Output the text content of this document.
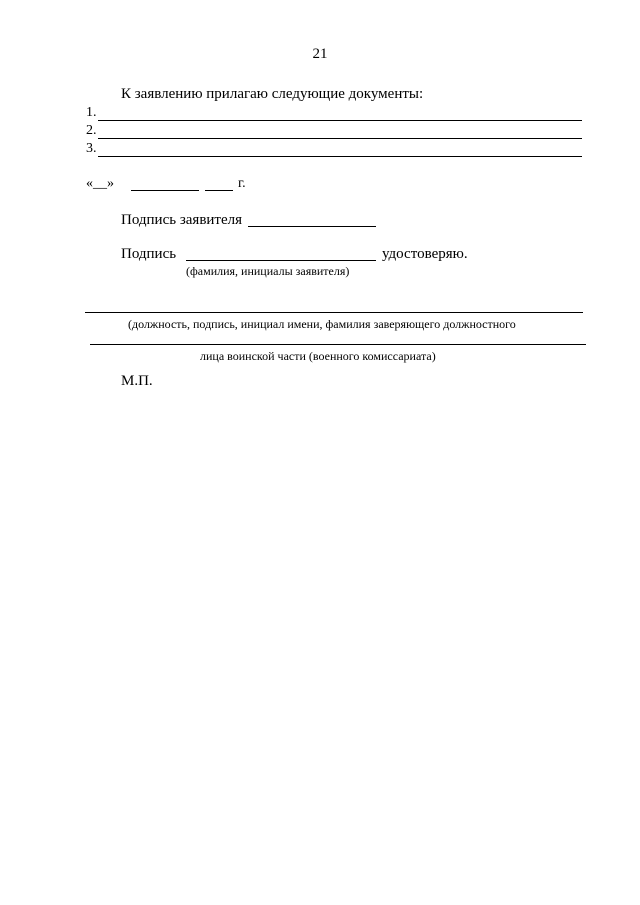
21
К заявлению прилагаю следующие документы:
1.
2.
3.
«__»	г.
Подпись заявителя
Подпись	удостоверяю.
(фамилия, инициалы заявителя)
(должность, подпись, инициал имени, фамилия заверяющего должностного
лица воинской части (военного комиссариата)
М.П.
